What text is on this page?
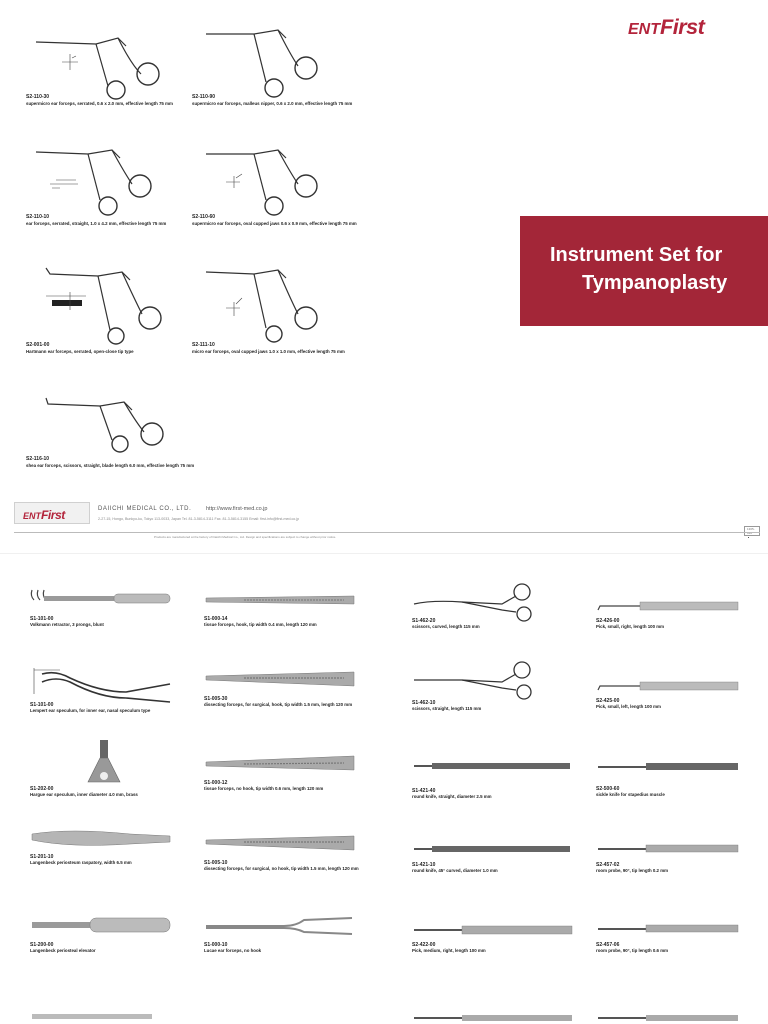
ENTFirst
Instrument Set for
Tympanoplasty
S2-110-30
supermicro ear forceps, serrated, 0.6 x 2.0 mm, effective length 75 mm
S2-110-90
supermicro ear forceps, malleus nipper, 0.6 x 2.0 mm, effective length 75 mm
S2-110-10
ear forceps, serrated, straight, 1.0 x 4.2 mm, effective length 75 mm
S2-110-60
supermicro ear forceps, oval cupped jaws 0.6 x 0.9 mm, effective length 75 mm
S2-001-00
Hartmann ear forceps, serrated, open-close tip type
S2-111-10
micro ear forceps, oval cupped jaws 1.0 x 1.0 mm, effective length 75 mm
S2-116-10
shea ear forceps, scissors, straight, blade length 6.0 mm, effective length 75 mm
ENTFirst	DAIICHI MEDICAL CO., LTD.	http://www.first-med.co.jp
2-27-15, Hongo, Bunkyo-ku, Tokyo 113-0033, Japan Tel. 81-3-5814-3111 Fax. 81-3-5814-3155 Email: first-info@first-med.co.jp
1305-010
Products are manufactured at the factory of Daiichi Medical Co., Ltd. Design and specifications are subject to change without prior notice.
S1-101-00
Volkmann retractor, 3 prongs, blunt
S1-101-00
Lempert ear speculum, for inner ear, nasal speculum type
S1-202-00
Hargue ear speculum, inner diameter 4.0 mm, brass
S1-201-10
Langenbeck periosteum raspatory, width 6.5 mm
S1-200-00
Langenbeck periosteal elevator
S1-000-14
tissue forceps, hook, tip width 0.4 mm, length 120 mm
S1-005-30
dissecting forceps, for surgical, hook, tip width 1.5 mm, length 120 mm
S1-000-12
tissue forceps, no hook, tip width 0.6 mm, length 120 mm
S1-005-10
dissecting forceps, for surgical, no hook, tip width 1.5 mm, length 120 mm
S1-000-10
Lucae ear forceps, no hook
S1-462-20
scissors, curved, length 115 mm
S1-462-10
scissors, straight, length 115 mm
S1-421-40
round knife, straight, diameter 2.5 mm
S1-421-10
round knife, 45° curved, diameter 1.0 mm
S2-422-00
Pick, medium, right, length 100 mm
S2-426-00
Pick, small, right, length 100 mm
S2-425-00
Pick, small, left, length 100 mm
S2-500-60
sickle knife for stapedius muscle
S2-457-02
room probe, 90°, tip length 0.2 mm
S2-457-06
room probe, 90°, tip length 0.6 mm
